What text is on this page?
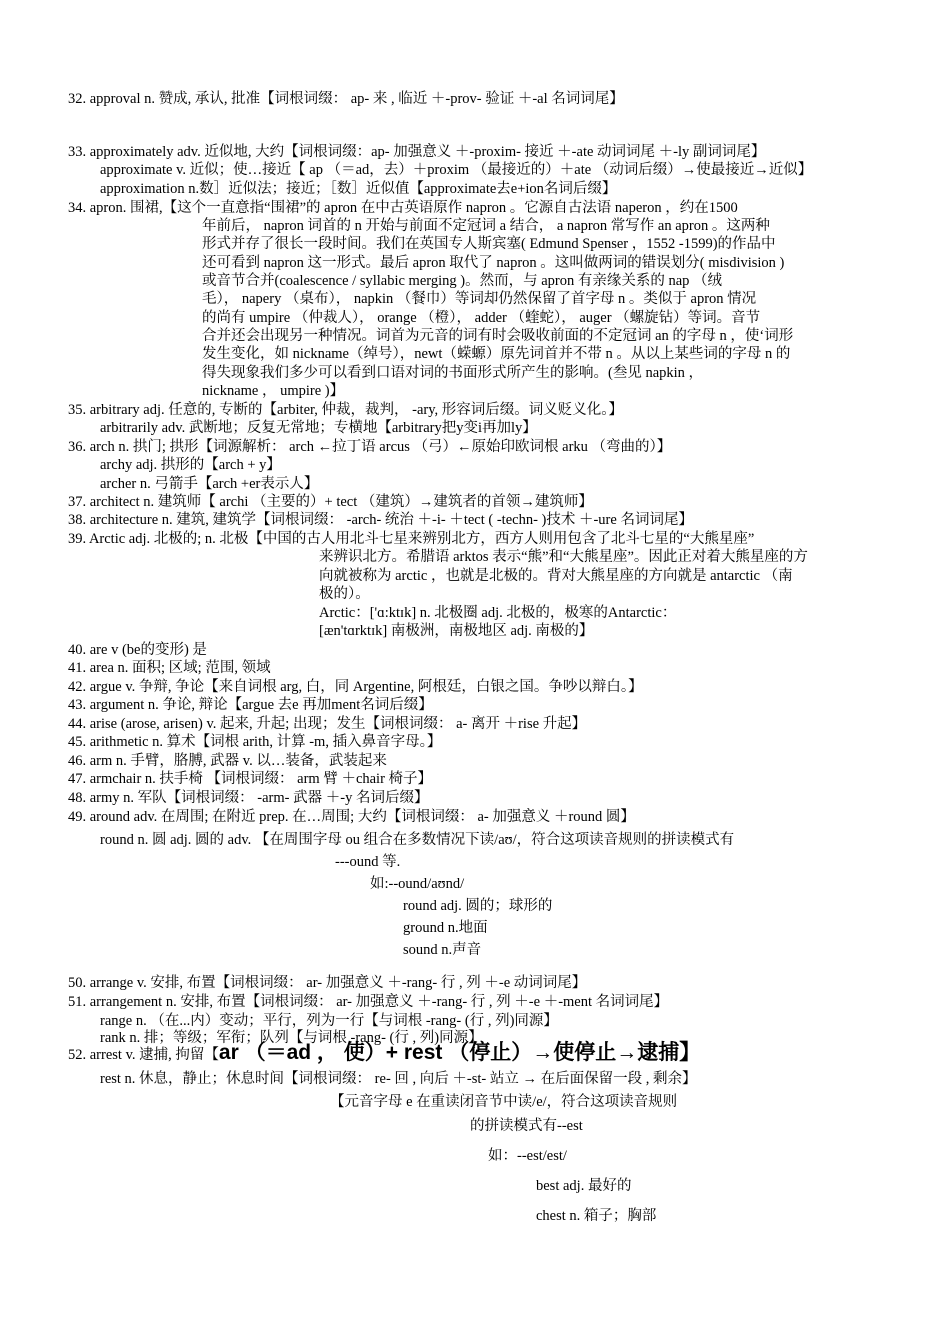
32. approval n. 赞成, 承认, 批准【词根词缀： ap- 来 , 临近 ＋-prov- 验证 ＋-al 名词词尾】
33. approximately adv. 近似地, 大约【词根词缀：ap- 加强意义 ＋-proxim- 接近 ＋-ate 动词词尾 ＋-ly 副词词尾】
approximate v. 近似；使…接近【 ap （＝ad，去）＋proxim （最接近的）＋ate （动词后缀）→使最接近→近似】
approximation n.数］近似法；接近；［数］近似值【approximate去e+ion名词后缀】
34. apron. 围裙,【这个一直意指“围裙”的 apron 在中古英语原作 napron 。它源自古法语 naperon ，约在1500
年前后， napron 词首的 n 开始与前面不定冠词 a 结合， a napron 常写作 an apron 。这两种
形式并存了很长一段时间。我们在英国专人斯宾塞( Edmund Spenser ，1552 -1599)的作品中
还可看到 napron 这一形式。最后 apron 取代了 napron 。这叫做两词的错误划分( misdivision )
或音节合并(coalescence / syllabic merging )。然而，与 apron 有亲缘关系的 nap （绒
毛）， napery （桌布）， napkin （餐巾）等词却仍然保留了首字母 n 。类似于 apron 情况
的尚有 umpire （仲裁人）， orange （橙）， adder （蝰蛇）， auger （螺旋钻）等词。音节
合并还会出现另一种情况。词首为元音的词有时会吸收前面的不定冠词 an 的字母 n ，使‘词形
发生变化，如 nickname（绰号），newt（蝾螈）原先词首并不带 n 。从以上某些词的字母 n 的
得失现象我们多少可以看到口语对词的书面形式所产生的影响。(叁见 napkin ，
nickname ， umpire )】
35. arbitrary adj. 任意的, 专断的【arbiter, 仲裁，裁判， -ary, 形容词后缀。词义贬义化。】
arbitrarily adv. 武断地；反复无常地；专横地【arbitrary把y变i再加ly】
36. arch n. 拱门; 拱形【词源解析： arch ←拉丁语 arcus （弓）←原始印欧词根 arku （弯曲的）】
archy adj. 拱形的【arch + y】
archer n. 弓箭手【arch +er表示人】
37. architect n. 建筑师【 archi （主要的）+ tect （建筑）→建筑者的首领→建筑师】
38. architecture n. 建筑, 建筑学【词根词缀： -arch- 统治 ＋-i- ＋tect ( -techn- )技术 ＋-ure 名词词尾】
39. Arctic adj. 北极的; n. 北极【中国的古人用北斗七星来辨别北方，西方人则用包含了北斗七星的“大熊星座”
来辨识北方。希腊语 arktos 表示“熊”和“大熊星座”。因此正对着大熊星座的方
向就被称为 arctic ，也就是北极的。背对大熊星座的方向就是 antarctic （南
极的）。
Arctic：['ɑ:ktɪk] n. 北极圈 adj. 北极的，极寒的Antarctic：
[æn'tɑrktɪk] 南极洲，南极地区 adj. 南极的】
40. are v (be的变形) 是
41. area n. 面积; 区域; 范围, 领域
42. argue v. 争辩, 争论【来自词根 arg, 白，同 Argentine, 阿根廷，白银之国。争吵以辩白。】
43. argument n. 争论, 辩论【argue 去e 再加ment名词后缀】
44. arise (arose, arisen) v. 起来, 升起; 出现；发生【词根词缀： a- 离开 ＋rise 升起】
45. arithmetic n. 算术【词根 arith, 计算 -m, 插入鼻音字母。】
46. arm n. 手臂，胳膊, 武器 v. 以…装备，武装起来
47. armchair n. 扶手椅 【词根词缀： arm 臂 ＋chair 椅子】
48. army n. 军队【词根词缀： -arm- 武器 ＋-y 名词后缀】
49. around adv. 在周围; 在附近 prep. 在…周围; 大约【词根词缀： a- 加强意义 ＋round 圆】
round n. 圆 adj. 圆的 adv. 【在周围字母 ou 组合在多数情况下读/aʊ/，符合这项读音规则的拼读模式有
---ound 等.
如:--ound/aʊnd/
round adj. 圆的；球形的
ground n.地面
sound n.声音
50. arrange v. 安排, 布置【词根词缀： ar- 加强意义 ＋-rang- 行 , 列 ＋-e 动词词尾】
51. arrangement n. 安排, 布置【词根词缀： ar- 加强意义 ＋-rang- 行 , 列 ＋-e ＋-ment 名词词尾】
range n. （在...内）变动；平行，列为一行【与词根 -rang- (行 , 列)同源】
rank n. 排；等级；军衔；队列【与词根 -rang- (行 , 列)同源】
52. arrest v. 逮捕, 拘留【ar （＝ad ， 使）+ rest （停止）→使停止→逮捕】
rest n. 休息，静止；休息时间【词根词缀： re- 回 , 向后 ＋-st- 站立 → 在后面保留一段 , 剩余】
【元音字母 e 在重读闭音节中读/e/，符合这项读音规则
的拼读模式有--est
如：--est/est/
best adj. 最好的
chest n. 箱子；胸部
